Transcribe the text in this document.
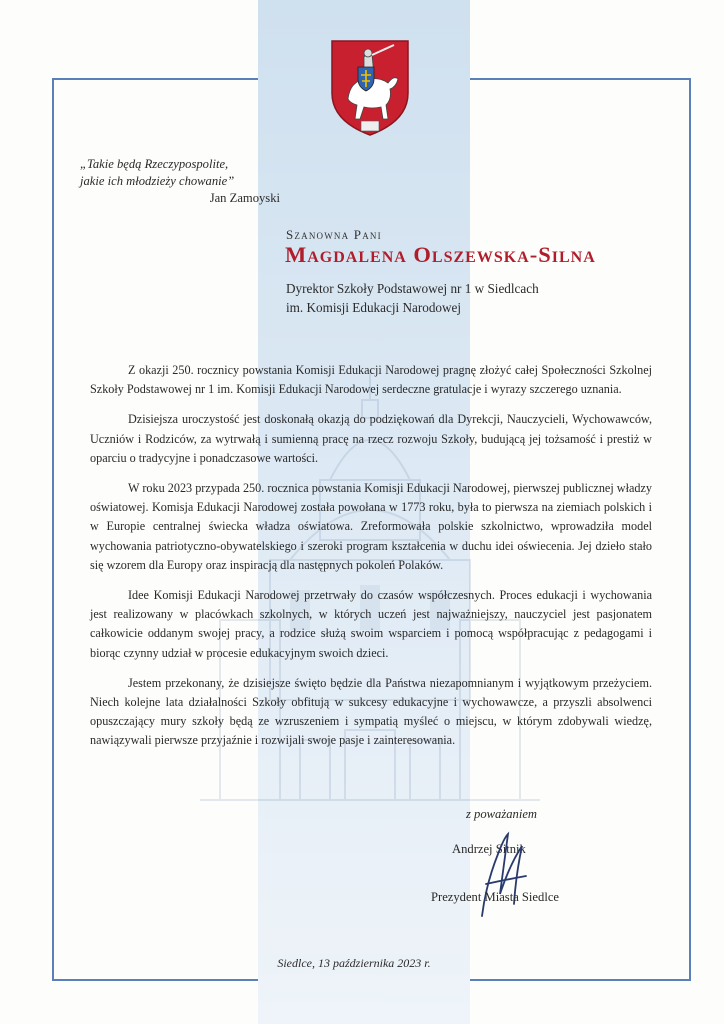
„Takie będą Rzeczypospolite,
jakie ich młodzieży chowanie”
Jan Zamoyski
Szanowna Pani
Magdalena Olszewska-Silna
Dyrektor Szkoły Podstawowej nr 1 w Siedlcach
im. Komisji Edukacji Narodowej

Z okazji 250. rocznicy powstania Komisji Edukacji Narodowej pragnę złożyć całej Społeczności Szkolnej Szkoły Podstawowej nr 1 im. Komisji Edukacji Narodowej serdeczne gratulacje i wyrazy szczerego uznania.

Dzisiejsza uroczystość jest doskonałą okazją do podziękowań dla Dyrekcji, Nauczycieli, Wychowawców, Uczniów i Rodziców, za wytrwałą i sumienną pracę na rzecz rozwoju Szkoły, budującą jej tożsamość i prestiż w oparciu o tradycyjne i ponadczasowe wartości.

W roku 2023 przypada 250. rocznica powstania Komisji Edukacji Narodowej, pierwszej publicznej władzy oświatowej. Komisja Edukacji Narodowej została powołana w 1773 roku, była to pierwsza na ziemiach polskich i w Europie centralnej świecka władza oświatowa. Zreformowała polskie szkolnictwo, wprowadziła model wychowania patriotyczno-obywatelskiego i szeroki program kształcenia w duchu idei oświecenia. Jej dzieło stało się wzorem dla Europy oraz inspiracją dla następnych pokoleń Polaków.

Idee Komisji Edukacji Narodowej przetrwały do czasów współczesnych. Proces edukacji i wychowania jest realizowany w placówkach szkolnych, w których uczeń jest najważniejszy, nauczyciel jest pasjonatem całkowicie oddanym swojej pracy, a rodzice służą swoim wsparciem i pomocą współpracując z pedagogami i biorąc czynny udział w procesie edukacyjnym swoich dzieci.

Jestem przekonany, że dzisiejsze święto będzie dla Państwa niezapomnianym i wyjątkowym przeżyciem. Niech kolejne lata działalności Szkoły obfitują w sukcesy edukacyjne i wychowawcze, a przyszli absolwenci opuszczający mury szkoły będą ze wzruszeniem i sympatią myśleć o miejscu, w którym zdobywali wiedzę, nawiązywali pierwsze przyjaźnie i rozwijali swoje pasje i zainteresowania.

z poważaniem
Andrzej Sitnik
Prezydent Miasta Siedlce
Siedlce, 13 października 2023 r.
